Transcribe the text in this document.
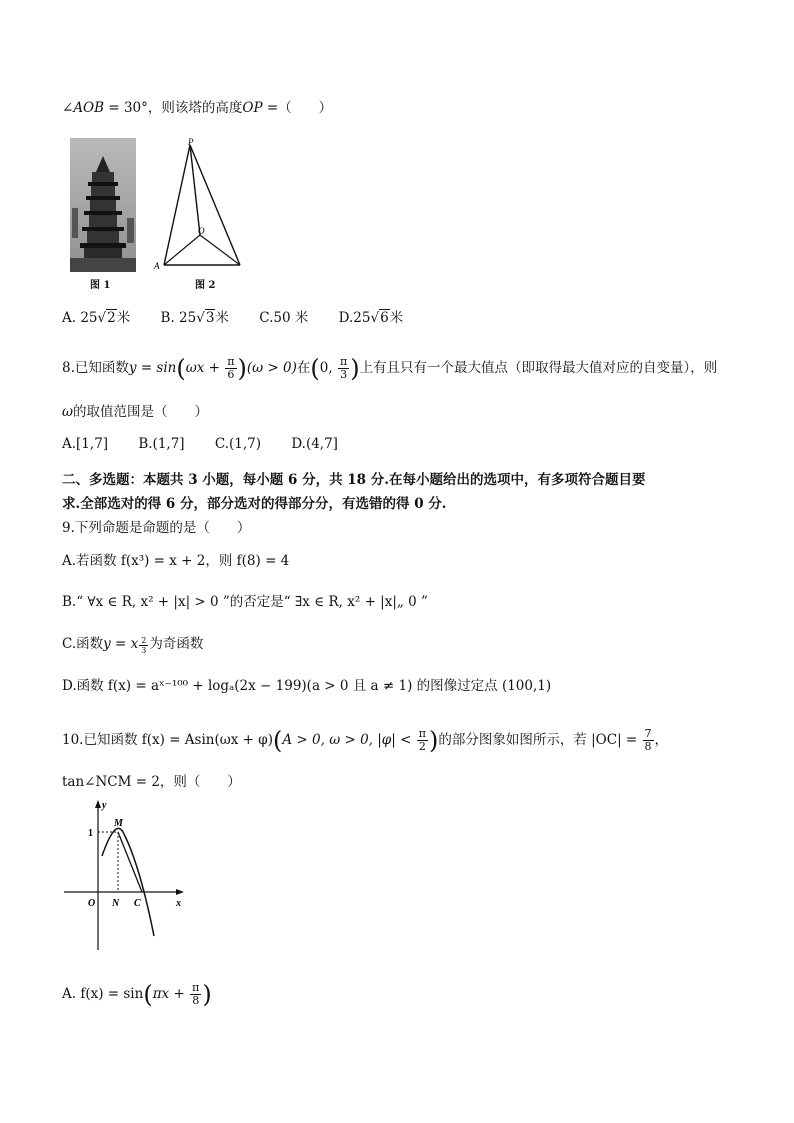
∠AOB = 30°，则该塔的高度OP =（　　）
图 1
P
O
A
图 2
A. 25√2米 B. 25√3米 C.50 米 D.25√6米
8.已知函数$y = \sin(\omega x + \frac{\pi}{6} )(\omega > 0)$在(0, $\frac{\pi}{3}$ )上有且只有一个最大值点（即取得最大值对应的自变量），则
ω的取值范围是（　　）
A.[1,7] B.(1,7] C.(1,7) D.(4,7]
二、多选题：本题共 3 小题，每小题 6 分，共 18 分.在每小题给出的选项中，有多项符合题目要
求.全部选对的得 6 分，部分选对的得部分分，有选错的得 0 分.
9.下列命题是命题的是（　　）
A.若函数 f(x³) = x + 2，则 f(8) = 4
B.“ ∀x ∈ R, x² + |x| > 0 ”的否定是“ ∃x ∈ R, x² + |x|„ 0 ”
C.函数y = x $^{\frac{2}{3}}$ 为奇函数
D.函数 f(x) = aˣ⁻¹⁰⁰ + logₐ(2x − 199)(a > 0 且 a ≠ 1) 的图像过定点 (100,1)
10.已知函数 f(x) = Asin(ωx + φ)(A > 0, ω > 0, $|\varphi| < \frac{\pi}{2}$ )的部分图象如图所示，若 $|OC| = \frac{7}{8}$ ，
tan∠NCM = 2，则（　　）
y
1
M
O N C	x
A. $f(x) = \sin(\pi x + \frac{\pi}{8}$ )
